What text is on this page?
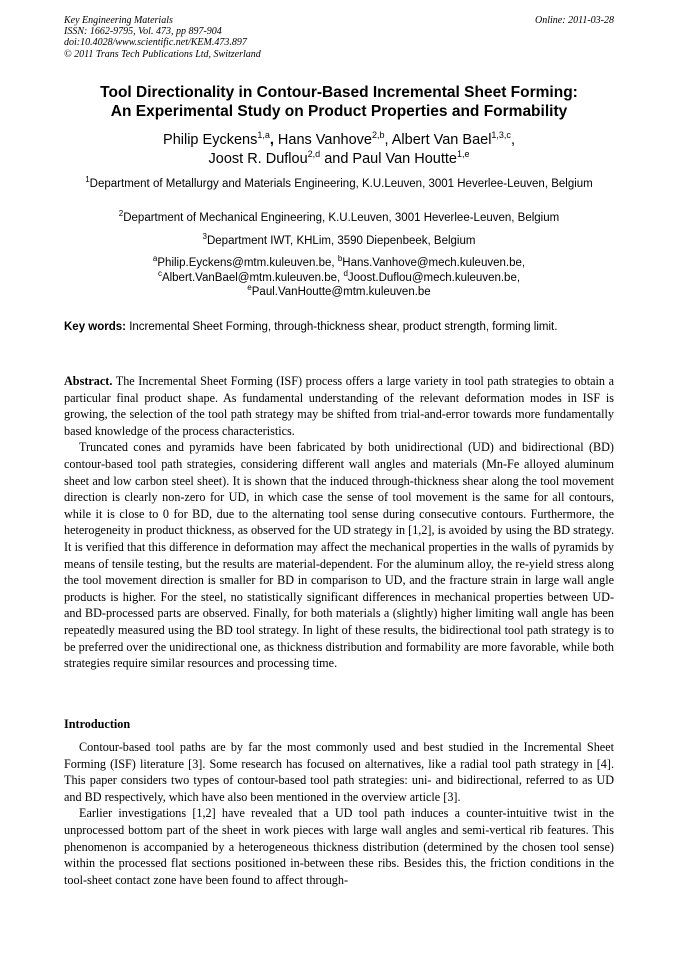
Key Engineering Materials
ISSN: 1662-9795, Vol. 473, pp 897-904
doi:10.4028/www.scientific.net/KEM.473.897
© 2011 Trans Tech Publications Ltd, Switzerland
Online: 2011-03-28
Tool Directionality in Contour-Based Incremental Sheet Forming:
An Experimental Study on Product Properties and Formability
Philip Eyckens$^{1,a}$, Hans Vanhove$^{2,b}$, Albert Van Bael$^{1,3,c}$,
Joost R. Duflou$^{2,d}$ and Paul Van Houtte$^{1,e}$
$^1$Department of Metallurgy and Materials Engineering, K.U.Leuven, 3001 Heverlee-Leuven, Belgium
$^2$Department of Mechanical Engineering, K.U.Leuven, 3001 Heverlee-Leuven, Belgium
$^3$Department IWT, KHLim, 3590 Diepenbeek, Belgium
$^a$Philip.Eyckens@mtm.kuleuven.be, $^b$Hans.Vanhove@mech.kuleuven.be,
$^c$Albert.VanBael@mtm.kuleuven.be, $^d$Joost.Duflou@mech.kuleuven.be,
$^e$Paul.VanHoutte@mtm.kuleuven.be
Key words: Incremental Sheet Forming, through-thickness shear, product strength, forming limit.

Abstract. The Incremental Sheet Forming (ISF) process offers a large variety in tool path strategies to obtain a particular final product shape. As fundamental understanding of the relevant deformation modes in ISF is growing, the selection of the tool path strategy may be shifted from trial-and-error towards more fundamentally based knowledge of the process characteristics.

Truncated cones and pyramids have been fabricated by both unidirectional (UD) and bidirectional (BD) contour-based tool path strategies, considering different wall angles and materials (Mn-Fe alloyed aluminum sheet and low carbon steel sheet). It is shown that the induced through-thickness shear along the tool movement direction is clearly non-zero for UD, in which case the sense of tool movement is the same for all contours, while it is close to 0 for BD, due to the alternating tool sense during consecutive contours. Furthermore, the heterogeneity in product thickness, as observed for the UD strategy in [1,2], is avoided by using the BD strategy. It is verified that this difference in deformation may affect the mechanical properties in the walls of pyramids by means of tensile testing, but the results are material-dependent. For the aluminum alloy, the re-yield stress along the tool movement direction is smaller for BD in comparison to UD, and the fracture strain in large wall angle products is higher. For the steel, no statistically significant differences in mechanical properties between UD- and BD-processed parts are observed. Finally, for both materials a (slightly) higher limiting wall angle has been repeatedly measured using the BD tool strategy. In light of these results, the bidirectional tool path strategy is to be preferred over the unidirectional one, as thickness distribution and formability are more favorable, while both strategies require similar resources and processing time.

Introduction

Contour-based tool paths are by far the most commonly used and best studied in the Incremental Sheet Forming (ISF) literature [3]. Some research has focused on alternatives, like a radial tool path strategy in [4]. This paper considers two types of contour-based tool path strategies: uni- and bidirectional, referred to as UD and BD respectively, which have also been mentioned in the overview article [3].

Earlier investigations [1,2] have revealed that a UD tool path induces a counter-intuitive twist in the unprocessed bottom part of the sheet in work pieces with large wall angles and semi-vertical rib features. This phenomenon is accompanied by a heterogeneous thickness distribution (determined by the chosen tool sense) within the processed flat sections positioned in-between these ribs. Besides this, the friction conditions in the tool-sheet contact zone have been found to affect through-
